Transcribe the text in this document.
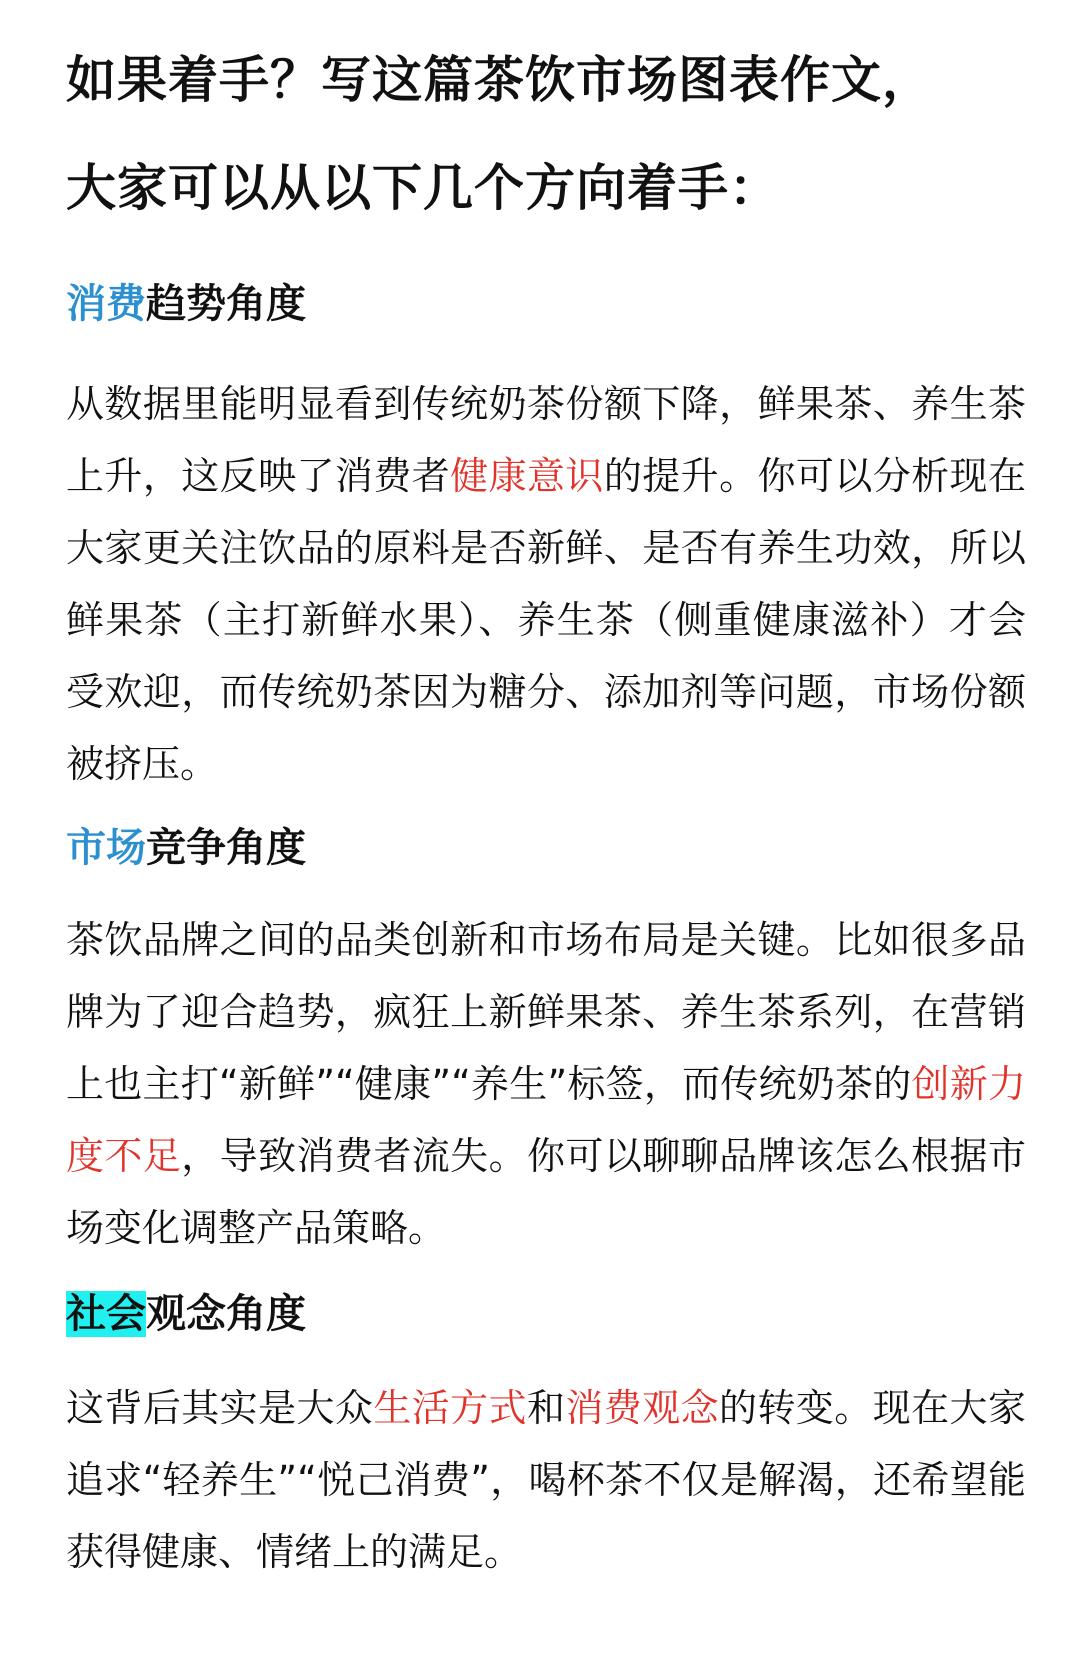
如果着手？写这篇茶饮市场图表作文，
大家可以从以下几个方向着手：
消费趋势角度

从数据里能明显看到传统奶茶份额下降，鲜果茶、养生茶上升，这反映了消费者健康意识的提升。你可以分析现在大家更关注饮品的原料是否新鲜、是否有养生功效，所以鲜果茶（主打新鲜水果）、养生茶（侧重健康滋补）才会受欢迎，而传统奶茶因为糖分、添加剂等问题，市场份额被挤压。

市场竞争角度

茶饮品牌之间的品类创新和市场布局是关键。比如很多品牌为了迎合趋势，疯狂上新鲜果茶、养生茶系列，在营销上也主打“新鲜”“健康”“养生”标签，而传统奶茶的创新力度不足，导致消费者流失。你可以聊聊品牌该怎么根据市场变化调整产品策略。

社会观念角度

这背后其实是大众生活方式和消费观念的转变。现在大家追求“轻养生”“悦己消费”，喝杯茶不仅是解渴，还希望能获得健康、情绪上的满足。
